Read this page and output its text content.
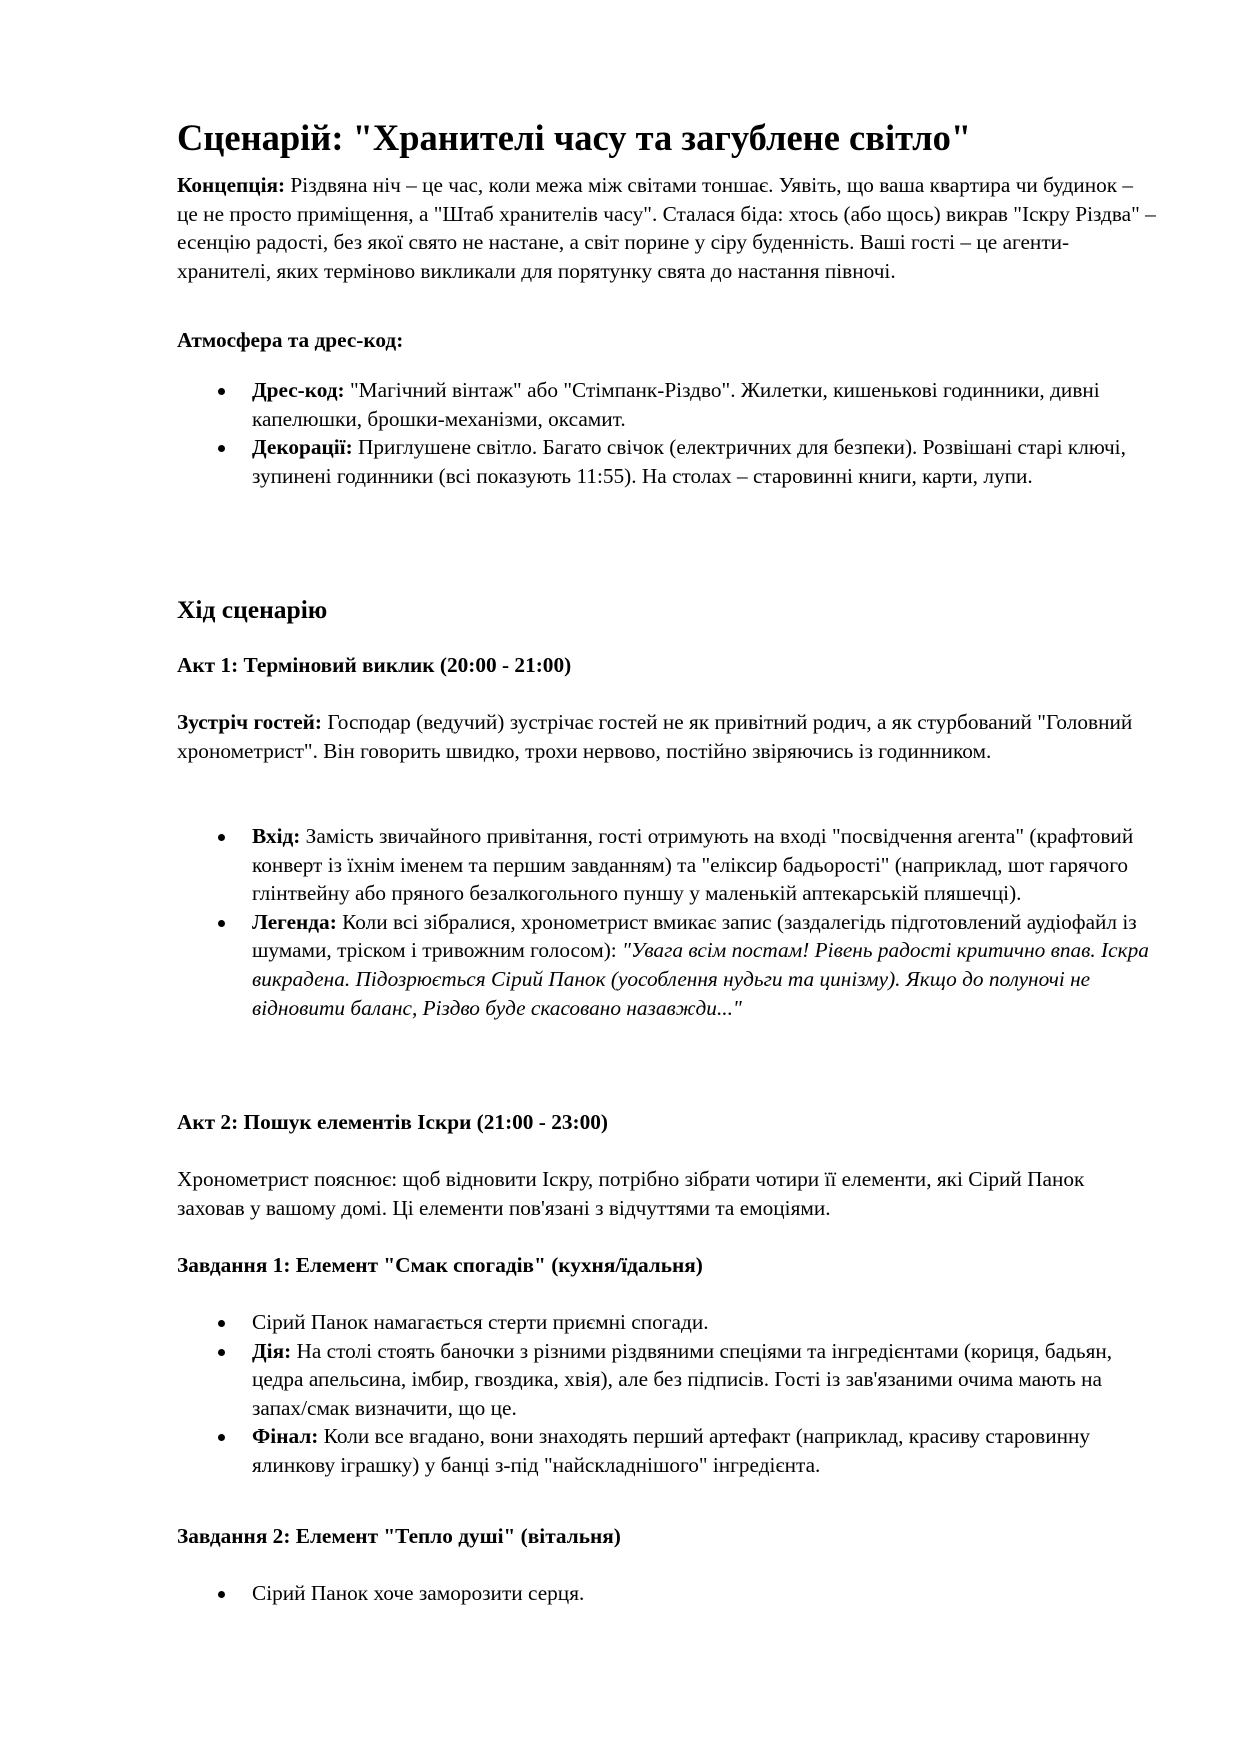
Сценарій: "Хранителі часу та загублене світло"

Концепція: Різдвяна ніч – це час, коли межа між світами тоншає. Уявіть, що ваша квартира чи будинок – це не просто приміщення, а "Штаб хранителів часу". Сталася біда: хтось (або щось) викрав "Іскру Різдва" – есенцію радості, без якої свято не настане, а світ порине у сіру буденність. Ваші гості – це агенти-хранителі, яких терміново викликали для порятунку свята до настання півночі.

Атмосфера та дрес-код:
Дрес-код: "Магічний вінтаж" або "Стімпанк-Різдво". Жилетки, кишенькові годинники, дивні капелюшки, брошки-механізми, оксамит.
Декорації: Приглушене світло. Багато свічок (електричних для безпеки). Розвішані старі ключі, зупинені годинники (всі показують 11:55). На столах – старовинні книги, карти, лупи.
Хід сценарію
Акт 1: Терміновий виклик (20:00 - 21:00)

Зустріч гостей: Господар (ведучий) зустрічає гостей не як привітний родич, а як стурбований "Головний хронометрист". Він говорить швидко, трохи нервово, постійно звіряючись із годинником.

Вхід: Замість звичайного привітання, гості отримують на вході "посвідчення агента" (крафтовий конверт із їхнім іменем та першим завданням) та "еліксир бадьорості" (наприклад, шот гарячого глінтвейну або пряного безалкогольного пуншу у маленькій аптекарській пляшечці).
Легенда: Коли всі зібралися, хронометрист вмикає запис (заздалегідь підготовлений аудіофайл із шумами, тріском і тривожним голосом): "Увага всім постам! Рівень радості критично впав. Іскра викрадена. Підозрюється Сірий Панок (уособлення нудьги та цинізму). Якщо до полуночі не відновити баланс, Різдво буде скасовано назавжди..."
Акт 2: Пошук елементів Іскри (21:00 - 23:00)

Хронометрист пояснює: щоб відновити Іскру, потрібно зібрати чотири її елементи, які Сірий Панок заховав у вашому домі. Ці елементи пов'язані з відчуттями та емоціями.

Завдання 1: Елемент "Смак спогадів" (кухня/їдальня)
Сірий Панок намагається стерти приємні спогади.
Дія: На столі стоять баночки з різними різдвяними спеціями та інгредієнтами (кориця, бадьян, цедра апельсина, імбир, гвоздика, хвія), але без підписів. Гості із зав'язаними очима мають на запах/смак визначити, що це.
Фінал: Коли все вгадано, вони знаходять перший артефакт (наприклад, красиву старовинну ялинкову іграшку) у банці з-під "найскладнішого" інгредієнта.
Завдання 2: Елемент "Тепло душі" (вітальня)
Сірий Панок хоче заморозити серця.
